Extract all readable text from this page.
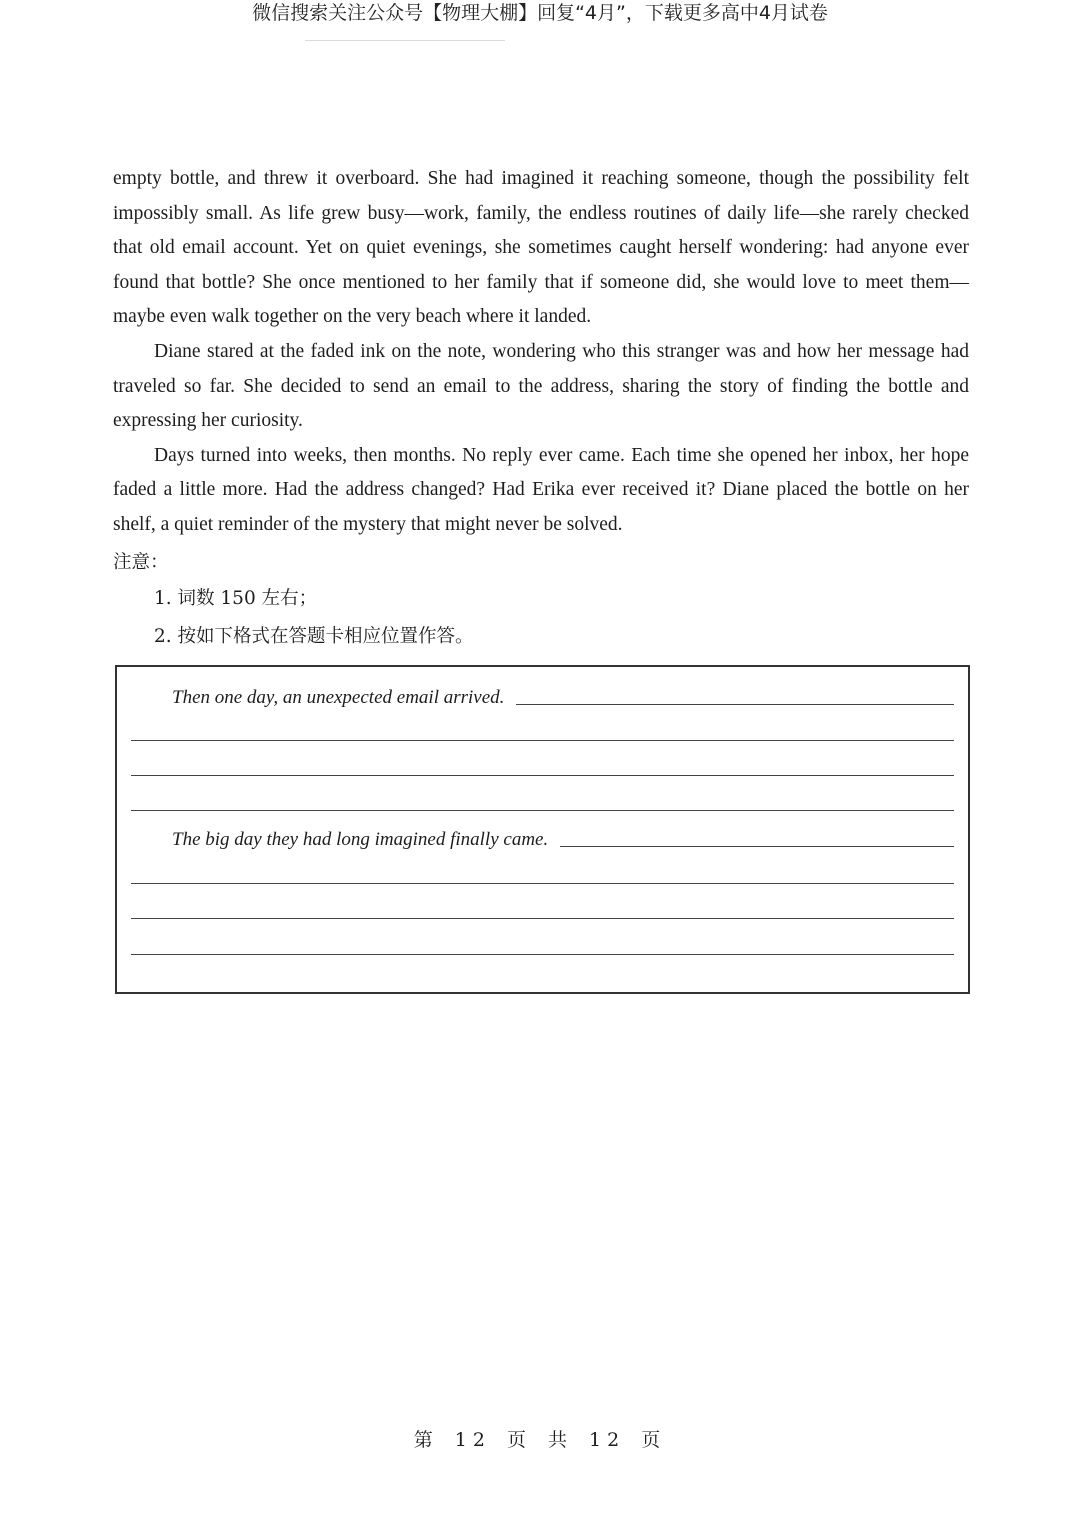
微信搜索关注公众号【物理大棚】回复“4月”，下载更多高中4月试卷

empty bottle, and threw it overboard. She had imagined it reaching someone, though the possibility felt impossibly small. As life grew busy—work, family, the endless routines of daily life—she rarely checked that old email account. Yet on quiet evenings, she sometimes caught herself wondering: had anyone ever found that bottle? She once mentioned to her family that if someone did, she would love to meet them—maybe even walk together on the very beach where it landed.

Diane stared at the faded ink on the note, wondering who this stranger was and how her message had traveled so far. She decided to send an email to the address, sharing the story of finding the bottle and expressing her curiosity.

Days turned into weeks, then months. No reply ever came. Each time she opened her inbox, her hope faded a little more. Had the address changed? Had Erika ever received it? Diane placed the bottle on her shelf, a quiet reminder of the mystery that might never be solved.

注意：
1. 词数 150 左右；
2. 按如下格式在答题卡相应位置作答。
Then one day, an unexpected email arrived.
The big day they had long imagined finally came.
第 12 页 共 12 页
